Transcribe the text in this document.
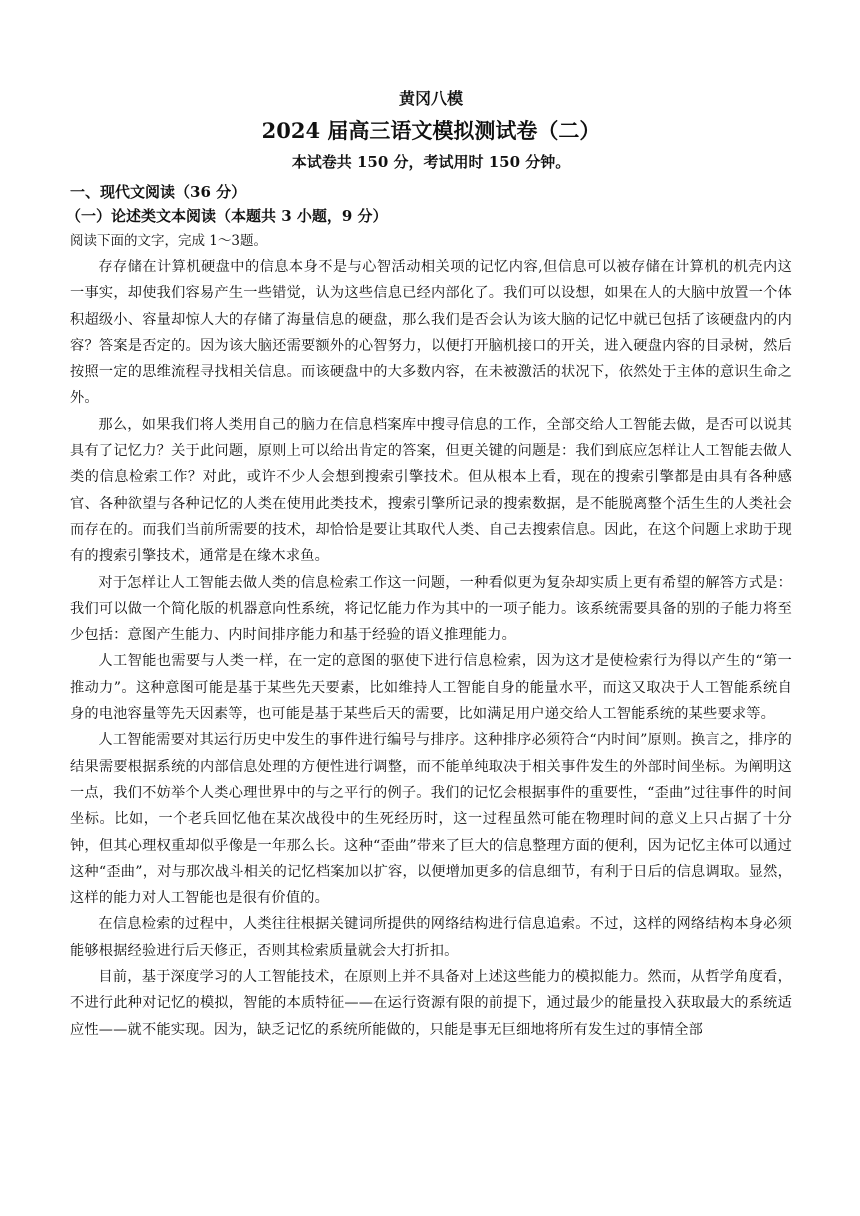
黄冈八模
2024 届高三语文模拟测试卷（二）
本试卷共 150 分，考试用时 150 分钟。
一、现代文阅读（36 分）
（一）论述类文本阅读（本题共 3 小题，9 分）
阅读下面的文字，完成 1～3题。

存存储在计算机硬盘中的信息本身不是与心智活动相关项的记忆内容,但信息可以被存储在计算机的机壳内这一事实，却使我们容易产生一些错觉，认为这些信息已经内部化了。我们可以设想，如果在人的大脑中放置一个体积超级小、容量却惊人大的存储了海量信息的硬盘，那么我们是否会认为该大脑的记忆中就已包括了该硬盘内的内容？答案是否定的。因为该大脑还需要额外的心智努力，以便打开脑机接口的开关，进入硬盘内容的目录树，然后按照一定的思维流程寻找相关信息。而该硬盘中的大多数内容，在未被激活的状况下，依然处于主体的意识生命之外。

那么，如果我们将人类用自己的脑力在信息档案库中搜寻信息的工作，全部交给人工智能去做，是否可以说其具有了记忆力？关于此问题，原则上可以给出肯定的答案，但更关键的问题是：我们到底应怎样让人工智能去做人类的信息检索工作？对此，或许不少人会想到搜索引擎技术。但从根本上看，现在的搜索引擎都是由具有各种感官、各种欲望与各种记忆的人类在使用此类技术，搜索引擎所记录的搜索数据，是不能脱离整个活生生的人类社会而存在的。而我们当前所需要的技术，却恰恰是要让其取代人类、自己去搜索信息。因此，在这个问题上求助于现有的搜索引擎技术，通常是在缘木求鱼。

对于怎样让人工智能去做人类的信息检索工作这一问题，一种看似更为复杂却实质上更有希望的解答方式是：我们可以做一个简化版的机器意向性系统，将记忆能力作为其中的一项子能力。该系统需要具备的别的子能力将至少包括：意图产生能力、内时间排序能力和基于经验的语义推理能力。

人工智能也需要与人类一样，在一定的意图的驱使下进行信息检索，因为这才是使检索行为得以产生的“第一推动力”。这种意图可能是基于某些先天要素，比如维持人工智能自身的能量水平，而这又取决于人工智能系统自身的电池容量等先天因素等，也可能是基于某些后天的需要，比如满足用户递交给人工智能系统的某些要求等。

人工智能需要对其运行历史中发生的事件进行编号与排序。这种排序必须符合“内时间”原则。换言之，排序的结果需要根据系统的内部信息处理的方便性进行调整，而不能单纯取决于相关事件发生的外部时间坐标。为阐明这一点，我们不妨举个人类心理世界中的与之平行的例子。我们的记忆会根据事件的重要性，“歪曲”过往事件的时间坐标。比如，一个老兵回忆他在某次战役中的生死经历时，这一过程虽然可能在物理时间的意义上只占据了十分钟，但其心理权重却似乎像是一年那么长。这种“歪曲”带来了巨大的信息整理方面的便利，因为记忆主体可以通过这种“歪曲”，对与那次战斗相关的记忆档案加以扩容，以便增加更多的信息细节，有利于日后的信息调取。显然，这样的能力对人工智能也是很有价值的。

在信息检索的过程中，人类往往根据关键词所提供的网络结构进行信息追索。不过，这样的网络结构本身必须能够根据经验进行后天修正，否则其检索质量就会大打折扣。

目前，基于深度学习的人工智能技术，在原则上并不具备对上述这些能力的模拟能力。然而，从哲学角度看，不进行此种对记忆的模拟，智能的本质特征——在运行资源有限的前提下，通过最少的能量投入获取最大的系统适应性——就不能实现。因为，缺乏记忆的系统所能做的，只能是事无巨细地将所有发生过的事情全部
